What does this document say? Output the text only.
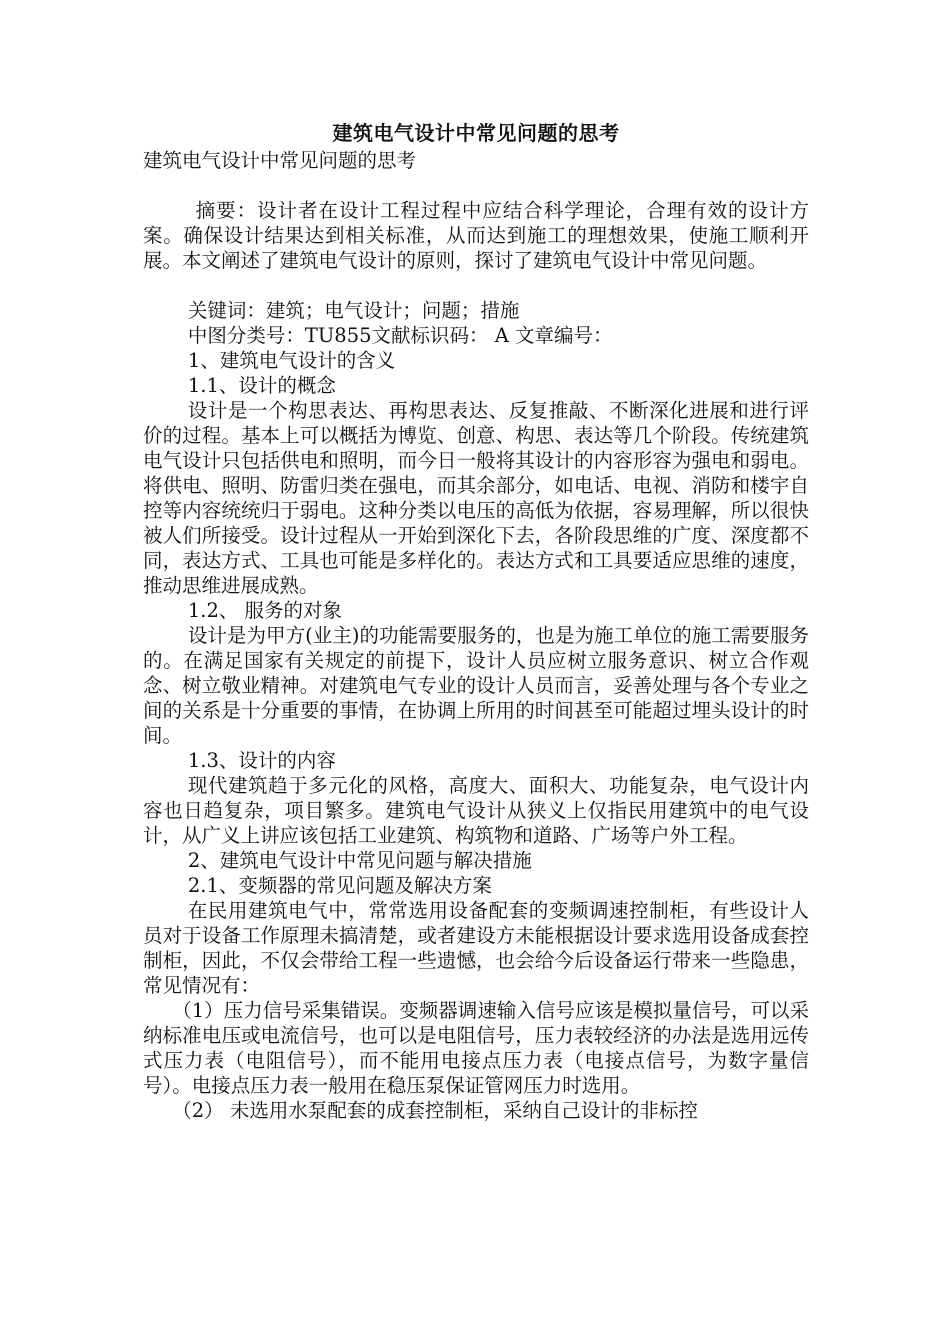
建筑电气设计中常见问题的思考

建筑电气设计中常见问题的思考

摘要：设计者在设计工程过程中应结合科学理论，合理有效的设计方案。确保设计结果达到相关标准，从而达到施工的理想效果，使施工顺利开展。本文阐述了建筑电气设计的原则，探讨了建筑电气设计中常见问题。

关键词：建筑；电气设计；问题；措施

中图分类号：TU855文献标识码： A 文章编号：

1、建筑电气设计的含义

1.1、设计的概念

设计是一个构思表达、再构思表达、反复推敲、不断深化进展和进行评价的过程。基本上可以概括为博览、创意、构思、表达等几个阶段。传统建筑电气设计只包括供电和照明，而今日一般将其设计的内容形容为强电和弱电。将供电、照明、防雷归类在强电，而其余部分，如电话、电视、消防和楼宇自控等内容统统归于弱电。这种分类以电压的高低为依据，容易理解，所以很快被人们所接受。设计过程从一开始到深化下去，各阶段思维的广度、深度都不同，表达方式、工具也可能是多样化的。表达方式和工具要适应思维的速度，推动思维进展成熟。

1.2、 服务的对象

设计是为甲方(业主)的功能需要服务的，也是为施工单位的施工需要服务的。在满足国家有关规定的前提下，设计人员应树立服务意识、树立合作观念、树立敬业精神。对建筑电气专业的设计人员而言，妥善处理与各个专业之间的关系是十分重要的事情，在协调上所用的时间甚至可能超过埋头设计的时间。

1.3、设计的内容

现代建筑趋于多元化的风格，高度大、面积大、功能复杂，电气设计内容也日趋复杂，项目繁多。建筑电气设计从狭义上仅指民用建筑中的电气设计，从广义上讲应该包括工业建筑、构筑物和道路、广场等户外工程。

2、建筑电气设计中常见问题与解决措施

2.1、变频器的常见问题及解决方案

在民用建筑电气中，常常选用设备配套的变频调速控制柜，有些设计人员对于设备工作原理未搞清楚，或者建设方未能根据设计要求选用设备成套控制柜，因此，不仅会带给工程一些遗憾，也会给今后设备运行带来一些隐患，常见情况有：

（1）压力信号采集错误。变频器调速输入信号应该是模拟量信号，可以采纳标准电压或电流信号，也可以是电阻信号，压力表较经济的办法是选用远传式压力表（电阻信号），而不能用电接点压力表（电接点信号，为数字量信号）。电接点压力表一般用在稳压泵保证管网压力时选用。

（2） 未选用水泵配套的成套控制柜，采纳自己设计的非标控
